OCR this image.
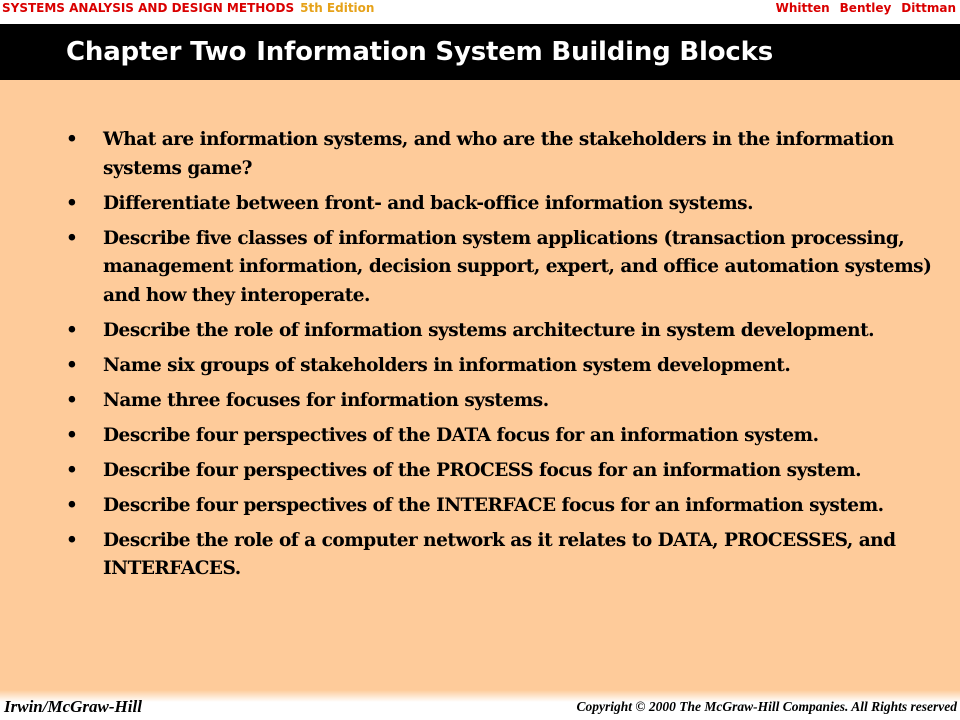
SYSTEMS ANALYSIS AND DESIGN METHODS 5th Edition	Whitten Bentley Dittman
Chapter Two Information System Building Blocks
• What are information systems, and who are the stakeholders in the information systems game?
• Differentiate between front- and back-office information systems.
• Describe five classes of information system applications (transaction processing, management information, decision support, expert, and office automation systems) and how they interoperate.
• Describe the role of information systems architecture in system development.
• Name six groups of stakeholders in information system development.
• Name three focuses for information systems.
• Describe four perspectives of the DATA focus for an information system.
• Describe four perspectives of the PROCESS focus for an information system.
• Describe four perspectives of the INTERFACE focus for an information system.
• Describe the role of a computer network as it relates to DATA, PROCESSES, and INTERFACES.
Irwin/McGraw-Hill	Copyright © 2000 The McGraw-Hill Companies. All Rights reserved
